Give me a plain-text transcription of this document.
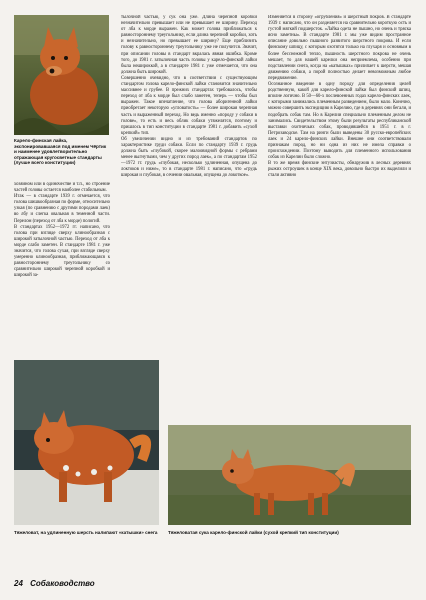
Карело-финская лайка, экспонировавшаяся под именем Чёртик и наименее удовлетворительно отражающая кругосветные стандарты (лучше всего конституции)
хозяином или в одиночестве и т.п., но строение частей головы остается наиболее стабильным.
Итак — в стандарте 1939 г. отмечается, что голова шишкообразная по форме, относительно узкая (по сравнению с другими породами лаек) во лбу и слегка овальная в теменной части. Перелом (переход от лба к морде) пологий.
В стандартах 1952—1972 гг. написано, что голова при взгляде сверху клинообразная с широкой затылочной частью. Переход от лба к морде слабо заметен. В стандарте 1981 г. уже значится, что голова сухая, при взгляде сверху умеренно клинообразная, приближающаяся к равностороннему треугольнику со сравнительно широкой черепной коробкой и широкой за-
тылочной частью, у сук она уже. Длина черепной коробки незначительно превышает или не превышает ее ширину. Переход от лба к морде выражен. Как может голова приближаться к равностороннему треугольнику, если длина черепной коробки, хоть и незначительно, но превышает ее ширину? Еще приблизить голову к равностороннему треугольнику уже не получится. Значит, при описании головы в стандарт вкралась явная ошибка. Кроме того, до 1981 г. затылочная часть головы у карело-финской лайки была нешироккой, а в стандарте 1981 г. уже отмечается, что она должна быть широкой.
Совершенно очевидно, что в соответствии с существующим стандартом голова карело-финской лайки становится значительно массивнее и грубее. В прежних стандартах требовалось, чтобы переход от лба к морде был слабо заметен, теперь — чтобы был выражен. Такое впечатление, что голова аборигенной лайки приобретает некоторую «угловатость» — более широкая черепная часть и выраженный переход. Но ведь именно «породу у собаки в голове», то есть и весь облик собаки утяжелятся, поэтому и пришлось в тип конституции в стандарте 1981 г. добавить «сухой крепкий» тип.
Об увеличении видно и из требований стандартов по характеристике груди собаки. Если по стандарту 1939 г. грудь должна быть «глубокой, скорее малоовидной формы с ребрами менее выгнутыми, чем у других пород лаек», а по стандартам 1952—1972 гг. грудь «глубокая, несколько удлиненная, опущена до локтоков и ниже», то в стандарте 1981 г. написано, что «грудь широкая и глубокая, в сечении овальная, опущена до локоткое».
Изменяется в сторону «огрубления» и шерстный покров. В стандарте 1939 г. написано, что он разделяется на сравнительно короткую ость и густой мягкий подшерсток. «Лайка одета не пышно, но очень и тряска ясно заметны». В стандарте 1981 г. мы уже видим пространное описание довольно пышного развитого шерстного покрова. И если финскому шпицу, с которым охотятся только на глухаря и основным в более бесснежной тепло, пышность шерстного покрова не очень мешает, то для нашей карелки она неприемлема, особенно при подставлении снега, когда на «катышках» прилипает к шерсти, мешая движению собаки, а порой полностью делает невозможным любое передвижение.
Осознанное введение в одну породу для определения целей родственную, какой для карело-финской лайки был финский шпиц, вполне логично. В 50—60-х послевоенных годах карело-финских лаек, с которыми занимались племенным разведением, было мало. Конечно, можно совершить экспедицию в Карелию, где в деревнях они бегали, и подобрать собак там. Но в Карелии специально племенным делом не занимались. Свидетельством этому были результаты республиканской выставки охотничьих собак, проводившейся в 1951 г. в г. Петрозаводске. Там на ринги были выведены 30 русско-европейских лаек и 24 карело-финских лайки. Внешне они соответствовали признакам пород, но ни одна из них не имела справки о происхождении. Поэтому выводить для племенного использования собак из Карелии было сложно.
В то же время финские энтузиасты, обнаружив в лесных деревнях рыжих остроушек в конце XIX века, довольно быстро их выделили и стали активно
Тяжеловат, на удлиненную шерсть налипают «катышки» снега	Тяжеловатая сука карело-финской лайки (сухой крепкий тип конституции)
24 Собаководство
